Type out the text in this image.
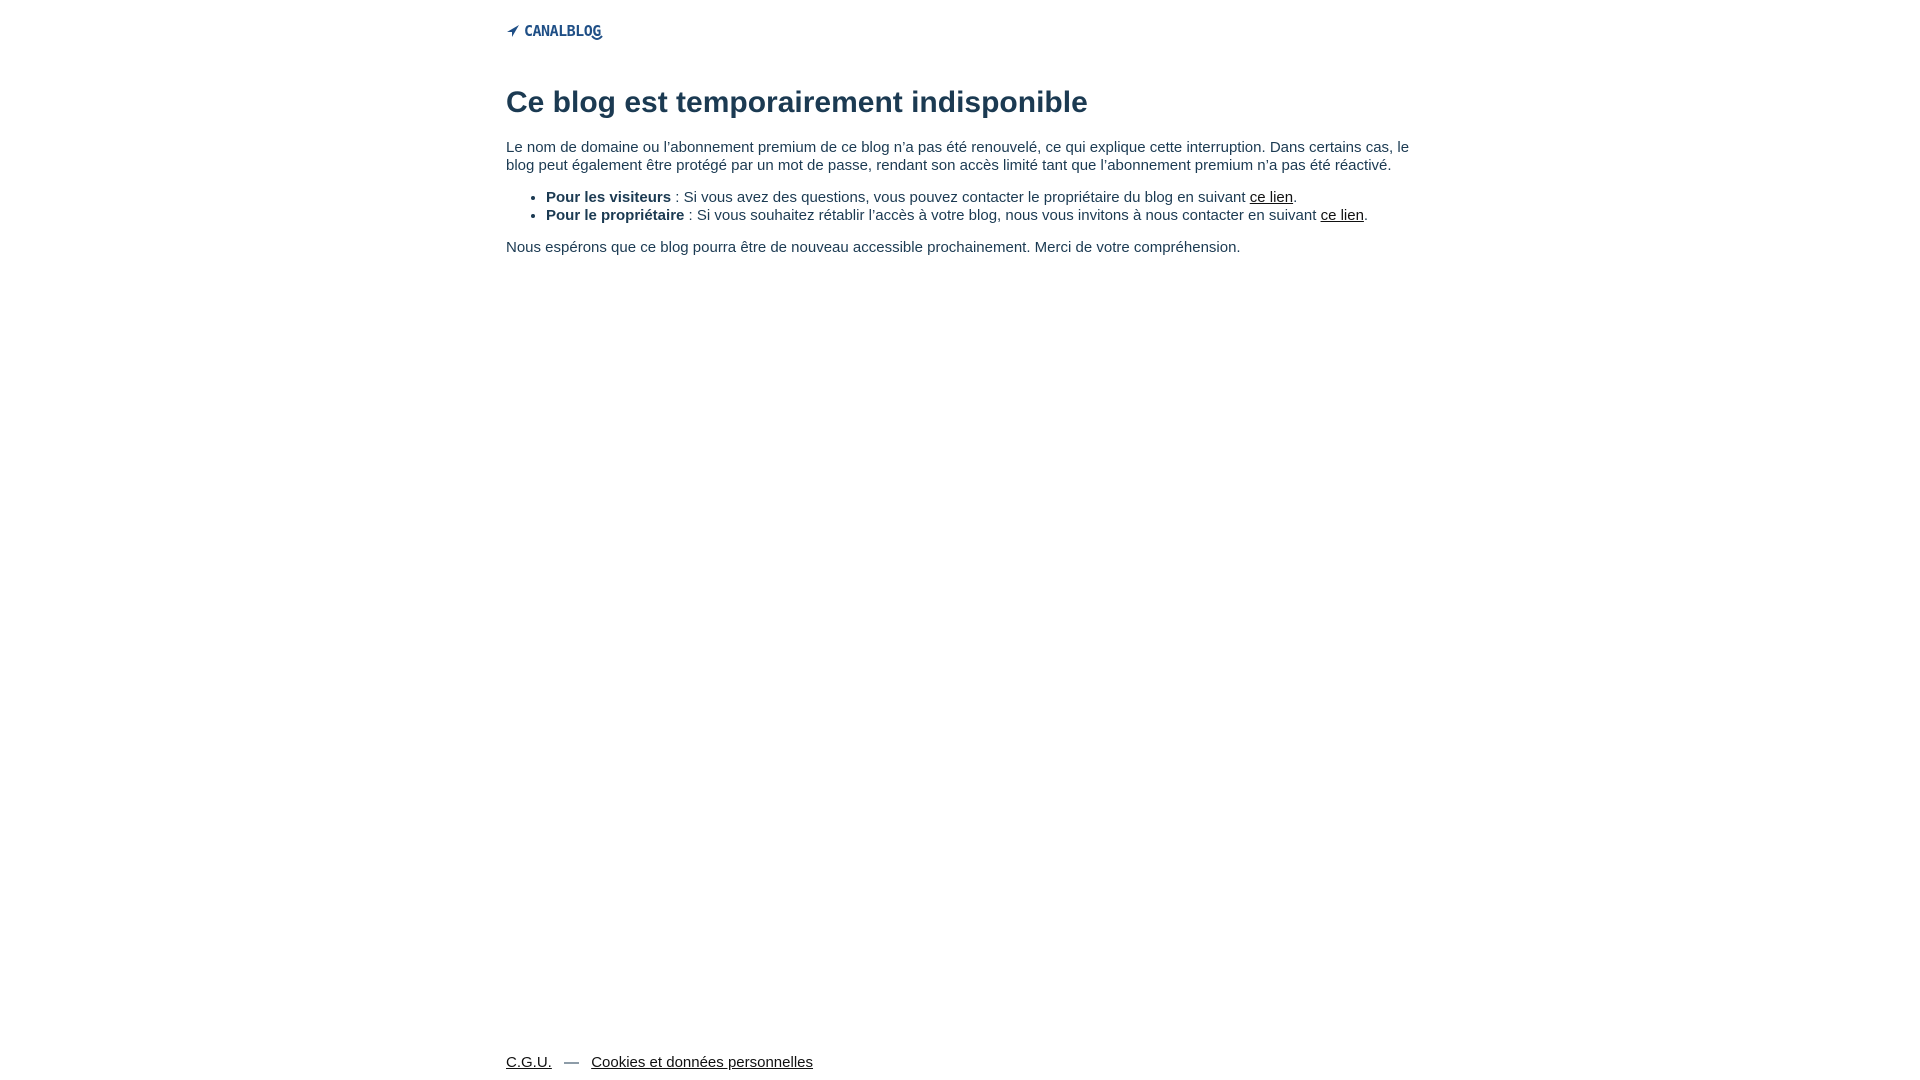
CANALBLOG
Ce blog est temporairement indisponible

Le nom de domaine ou l’abonnement premium de ce blog n’a pas été renouvelé, ce qui explique cette interruption. Dans certains cas, le blog peut également être protégé par un mot de passe, rendant son accès limité tant que l’abonnement premium n’a pas été réactivé.

• Pour les visiteurs : Si vous avez des questions, vous pouvez contacter le propriétaire du blog en suivant ce lien.
• Pour le propriétaire : Si vous souhaitez rétablir l’accès à votre blog, nous vous invitons à nous contacter en suivant ce lien.

Nous espérons que ce blog pourra être de nouveau accessible prochainement. Merci de votre compréhension.

C.G.U. — Cookies et données personnelles
